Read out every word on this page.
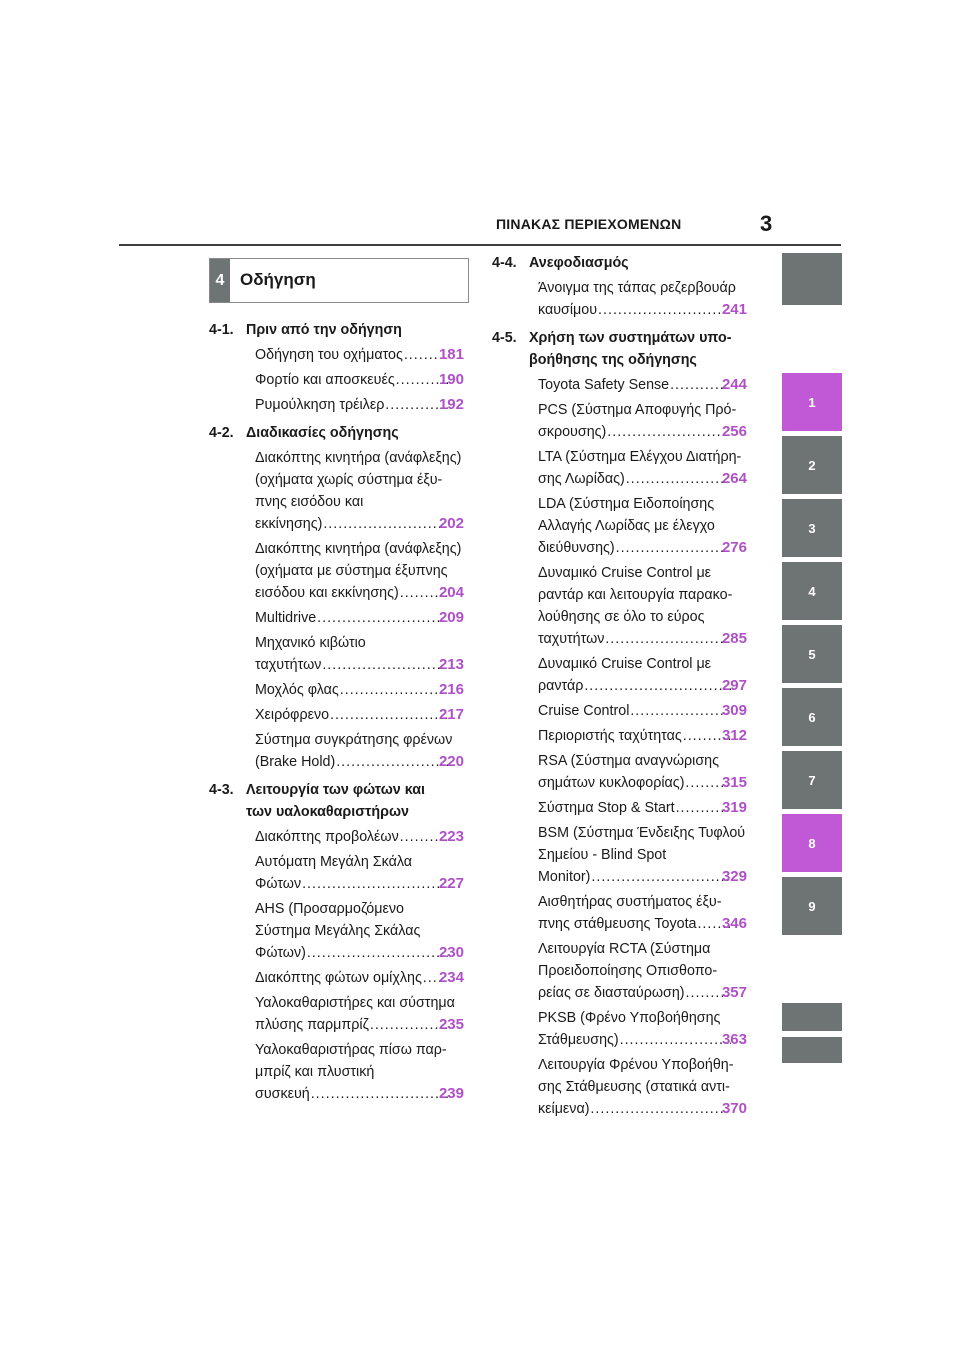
ΠΙΝΑΚΑΣ ΠΕΡΙΕΧΟΜΕΝΩΝ	3
4 Οδήγηση
4-1. Πριν από την οδήγηση
Οδήγηση του οχήματος ..... 181
Φορτίο και αποσκευές .....	190
Ρυμούλκηση τρέιλερ .....	192
4-2. Διαδικασίες οδήγησης
Διακόπτης κινητήρα (ανάφλεξης)
(οχήματα χωρίς σύστημα έξυ-
πνης εισόδου και
εκκίνησης) .....	202
Διακόπτης κινητήρα (ανάφλεξης)
(οχήματα με σύστημα έξυπνης
εισόδου και εκκίνησης) .....	204
Multidrive .....	209
Μηχανικό κιβώτιο
ταχυτήτων .....	213
Μοχλός φλας .....	216
Χειρόφρενο .....	217
Σύστημα συγκράτησης φρένων
(Brake Hold) .....	220
4-3. Λειτουργία των φώτων και
των υαλοκαθαριστήρων
Διακόπτης προβολέων .....	223
Αυτόματη Μεγάλη Σκάλα
Φώτων .....	227
AHS (Προσαρμοζόμενο
Σύστημα Μεγάλης Σκάλας
Φώτων) .....	230
Διακόπτης φώτων ομίχλης ..... 234
Υαλοκαθαριστήρες και σύστημα
πλύσης παρμπρίζ .....	235
Υαλοκαθαριστήρας πίσω παρ-
μπρίζ και πλυστική
συσκευή .....	239
4-4. Ανεφοδιασμός
Άνοιγμα της τάπας ρεζερβουάρ
καυσίμου .....	241
4-5. Χρήση των συστημάτων υπο-
βοήθησης της οδήγησης
Toyota Safety Sense .....	244
PCS (Σύστημα Αποφυγής Πρό-
σκρουσης) .....	256
LTA (Σύστημα Ελέγχου Διατήρη-
σης Λωρίδας) .....	264
LDA (Σύστημα Ειδοποίησης
Αλλαγής Λωρίδας με έλεγχο
διεύθυνσης) .....	276
Δυναμικό Cruise Control με
ραντάρ και λειτουργία παρακο-
λούθησης σε όλο το εύρος
ταχυτήτων .....	285
Δυναμικό Cruise Control με
ραντάρ .....	297
Cruise Control .....	309
Περιοριστής ταχύτητας .....	312
RSA (Σύστημα αναγνώρισης
σημάτων κυκλοφορίας) .....	315
Σύστημα Stop & Start .....	319
BSM (Σύστημα Ένδειξης Τυφλού
Σημείου - Blind Spot
Monitor) .....	329
Αισθητήρας συστήματος έξυ-
πνης στάθμευσης Toyota ..... 346
Λειτουργία RCTA (Σύστημα
Προειδοποίησης Οπισθοπο-
ρείας σε διασταύρωση) ..... 357
PKSB (Φρένο Υποβοήθησης
Στάθμευσης) .....	363
Λειτουργία Φρένου Υποβοήθη-
σης Στάθμευσης (στατικά αντι-
κείμενα) .....	370
1
2
3
4
5
6
7
8
9
